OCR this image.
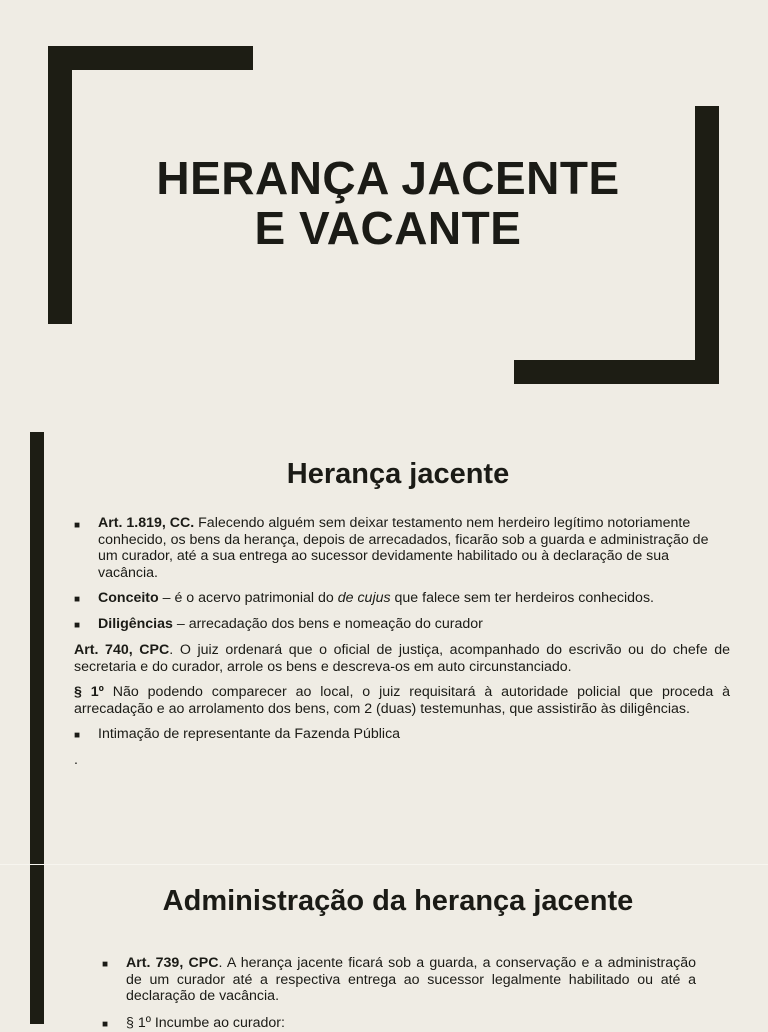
HERANÇA JACENTE
E VACANTE
Herança jacente
■ Art. 1.819, CC. Falecendo alguém sem deixar testamento nem herdeiro legítimo notoriamente conhecido, os bens da herança, depois de arrecadados, ficarão sob a guarda e administração de um curador, até a sua entrega ao sucessor devidamente habilitado ou à declaração de sua vacância.

■ Conceito – é o acervo patrimonial do de cujus que falece sem ter herdeiros conhecidos.

■ Diligências – arrecadação dos bens e nomeação do curador

Art. 740, CPC. O juiz ordenará que o oficial de justiça, acompanhado do escrivão ou do chefe de secretaria e do curador, arrole os bens e descreva-os em auto circunstanciado.

§ 1º Não podendo comparecer ao local, o juiz requisitará à autoridade policial que proceda à arrecadação e ao arrolamento dos bens, com 2 (duas) testemunhas, que assistirão às diligências.

■ Intimação de representante da Fazenda Pública

.
Administração da herança jacente
■ Art. 739, CPC. A herança jacente ficará sob a guarda, a conservação e a administração de um curador até a respectiva entrega ao sucessor legalmente habilitado ou até a declaração de vacância.

■ § 1º Incumbe ao curador:
